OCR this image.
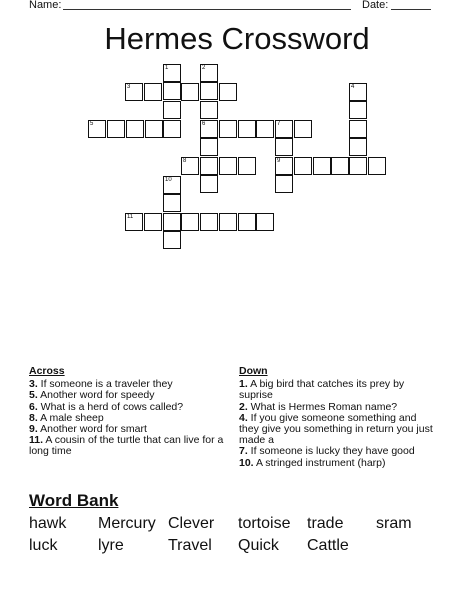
Name:	Date:
Hermes Crossword
1	2
3	4
5	6	7
8	9
10
11
Across
3. If someone is a traveler they
5. Another word for speedy
6. What is a herd of cows called?
8. A male sheep
9. Another word for smart
11. A cousin of the turtle that can live for a long time
Down
1. A big bird that catches its prey by suprise
2. What is Hermes Roman name?
4. If you give someone something and they give you something in return you just made a
7. If someone is lucky they have good
10. A stringed instrument (harp)
Word Bank
hawk Mercury Clever tortoise trade sram
luck	lyre	Travel Quick Cattle
